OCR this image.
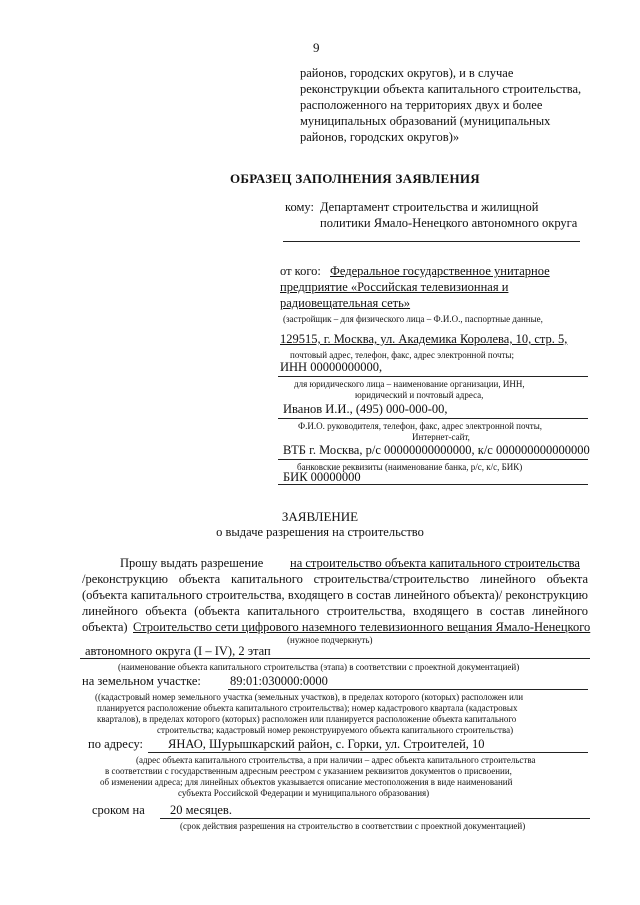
9
районов, городских округов), и в случае
реконструкции объекта капитального строительства,
расположенного на территориях двух и более
муниципальных образований (муниципальных
районов, городских округов)»
ОБРАЗЕЦ ЗАПОЛНЕНИЯ ЗАЯВЛЕНИЯ
кому: Департамент строительства и жилищной
политики Ямало-Ненецкого автономного округа
от кого: Федеральное государственное унитарное
предприятие «Российская телевизионная и
радиовещательная сеть»
(застройщик – для физического лица – Ф.И.О., паспортные данные,
129515, г. Москва, ул. Академика Королева, 10, стр. 5,
почтовый адрес, телефон, факс, адрес электронной почты;
ИНН 00000000000,
для юридического лица – наименование организации, ИНН,
юридический и почтовый адреса,
Иванов И.И., (495) 000-000-00,
Ф.И.О. руководителя, телефон, факс, адрес электронной почты,
Интернет-сайт,
ВТБ г. Москва, р/с 00000000000000, к/с 000000000000000
банковские реквизиты (наименование банка, р/с, к/с, БИК)
БИК 00000000
ЗАЯВЛЕНИЕ
о выдаче разрешения на строительство
Прошу выдать разрешение на строительство объекта капитального строительства
/реконструкцию объекта капитального строительства/строительство линейного объекта
(объекта капитального строительства, входящего в состав линейного объекта)/ реконструкцию
линейного объекта (объекта капитального строительства, входящего в состав линейного
объекта) Строительство сети цифрового наземного телевизионного вещания Ямало-Ненецкого
(нужное подчеркнуть)
автономного округа (I – IV), 2 этап
(наименование объекта капитального строительства (этапа) в соответствии с проектной документацией)
на земельном участке: 89:01:030000:0000
((кадастровый номер земельного участка (земельных участков), в пределах которого (которых) расположен или
планируется расположение объекта капитального строительства); номер кадастрового квартала (кадастровых
кварталов), в пределах которого (которых) расположен или планируется расположение объекта капитального
строительства; кадастровый номер реконструируемого объекта капитального строительства)
по адресу: ЯНАО, Шурышкарский район, с. Горки, ул. Строителей, 10
(адрес объекта капитального строительства, а при наличии – адрес объекта капитального строительства
в соответствии с государственным адресным реестром с указанием реквизитов документов о присвоении,
об изменении адреса; для линейных объектов указывается описание местоположения в виде наименований
субъекта Российской Федерации и муниципального образования)
сроком на 20 месяцев.
(срок действия разрешения на строительство в соответствии с проектной документацией)
